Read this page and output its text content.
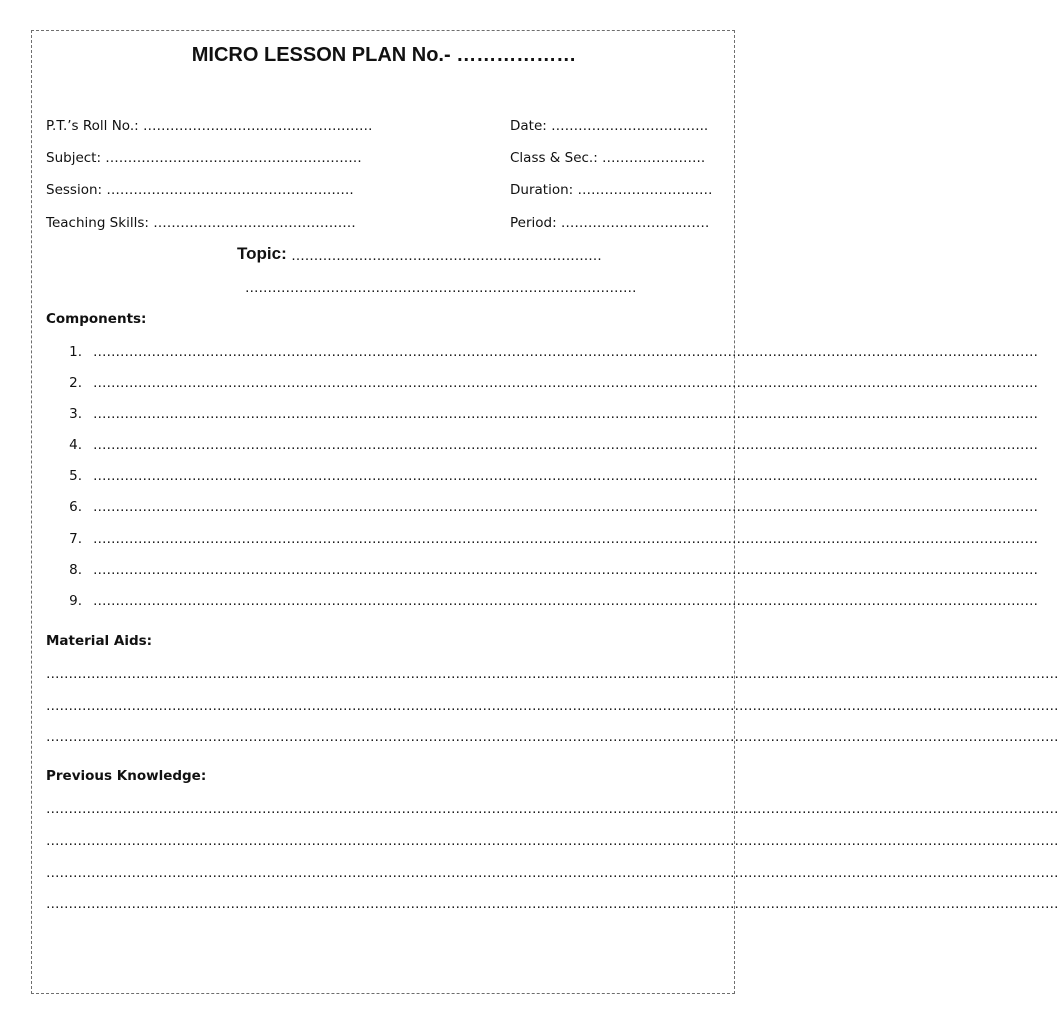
MICRO LESSON PLAN No.- ………………
P.T.’s Roll No.: ……………………………………………	Date: ……………………………..
Subject: …………………………………………………	Class & Sec.: …………………..
Session: ……………………………………………….	Duration: …………………………
Teaching Skills: ………………………………………	Period: ……………………………
Topic: ……………………………………………………………
……………………………………………………………………………
Components:
1. …………………………………………………………………………………………………………………………………………………………………………………………
2. …………………………………………………………………………………………………………………………………………………………………………………………
3. …………………………………………………………………………………………………………………………………………………………………………………………
4. …………………………………………………………………………………………………………………………………………………………………………………………
5. …………………………………………………………………………………………………………………………………………………………………………………………
6. …………………………………………………………………………………………………………………………………………………………………………………………
7. …………………………………………………………………………………………………………………………………………………………………………………………
8. …………………………………………………………………………………………………………………………………………………………………………………………
9. …………………………………………………………………………………………………………………………………………………………………………………………
Material Aids:
………………………………………………………………………………………………………………………………………………………………………………………………………
………………………………………………………………………………………………………………………………………………………………………………………………………
………………………………………………………………………………………………………………………………………………………………………………………………………
Previous Knowledge:
………………………………………………………………………………………………………………………………………………………………………………………………………
………………………………………………………………………………………………………………………………………………………………………………………………………
………………………………………………………………………………………………………………………………………………………………………………………………………
………………………………………………………………………………………………………………………………………………………………………………………………………
